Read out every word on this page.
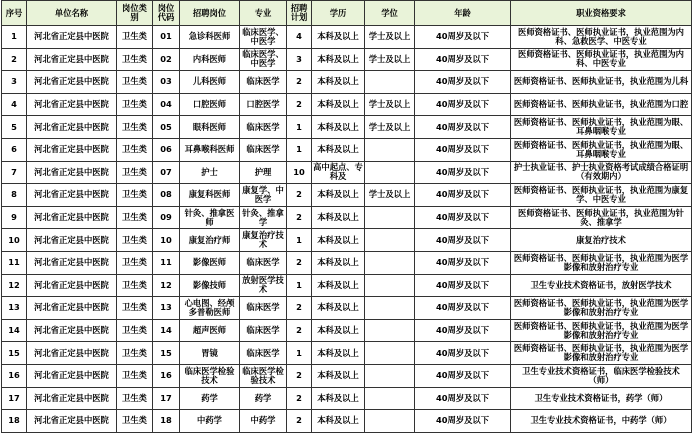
序号	单位名称	岗位类别	岗位代码	招聘岗位	专业	招聘计划	学历	学位	年龄	职业资格要求
1	河北省正定县中医院	卫生类	01	急诊科医师	临床医学、中医学	4	本科及以上	学士及以上	40周岁及以下	医师资格证书、医师执业证书，执业范围为内科、急救医学、中医专业
2	河北省正定县中医院	卫生类	02	内科医师	临床医学、中医学	3	本科及以上	学士及以上	40周岁及以下	医师资格证书、医师执业证书，执业范围为内科、中医专业
3	河北省正定县中医院	卫生类	03	儿科医师	临床医学	2	本科及以上		40周岁及以下	医师资格证书、医师执业证书，执业范围为儿科
4	河北省正定县中医院	卫生类	04	口腔医师	口腔医学	2	本科及以上	学士及以上	40周岁及以下	医师资格证书、医师执业证书，执业范围为口腔
5	河北省正定县中医院	卫生类	05	眼科医师	临床医学	1	本科及以上	学士及以上	40周岁及以下	医师资格证书、医师执业证书，执业范围为眼、耳鼻咽喉专业
6	河北省正定县中医院	卫生类	06	耳鼻喉科医师	临床医学	1	本科及以上		40周岁及以下	医师资格证书、医师执业证书，执业范围为眼、耳鼻咽喉专业
7	河北省正定县中医院	卫生类	07	护士	护理	10	高中起点、专科及		40周岁及以下	护士执业证书、护士执业资格考试成绩合格证明（有效期内）
8	河北省正定县中医院	卫生类	08	康复科医师	康复学、中医学	2	本科及以上	学士及以上	40周岁及以下	医师资格证书、医师执业证书，执业范围为康复学、中医专业
9	河北省正定县中医院	卫生类	09	针灸、推拿医师	针灸、推拿学	2	本科及以上		40周岁及以下	医师资格证书、医师执业证书，执业范围为针灸、推拿学
10	河北省正定县中医院	卫生类	10	康复治疗师	康复治疗技术	1	本科及以上		40周岁及以下	康复治疗技术
11	河北省正定县中医院	卫生类	11	影像医师	临床医学	2	本科及以上		40周岁及以下	医师资格证书、医师执业证书，执业范围为医学影像和放射治疗专业
12	河北省正定县中医院	卫生类	12	影像技师	放射医学技术	1	本科及以上		40周岁及以下	卫生专业技术资格证书，放射医学技术
13	河北省正定县中医院	卫生类	13	心电图、经颅多普勒医师	临床医学	2	本科及以上		40周岁及以下	医师资格证书、医师执业证书，执业范围为医学影像和放射治疗专业
14	河北省正定县中医院	卫生类	14	超声医师	临床医学	2	本科及以上		40周岁及以下	医师资格证书、医师执业证书，执业范围为医学影像和放射治疗专业
15	河北省正定县中医院	卫生类	15	胃镜	临床医学	1	本科及以上		40周岁及以下	医师资格证书、医师执业证书，执业范围为医学影像和放射治疗专业
16	河北省正定县中医院	卫生类	16	临床医学检验技术	临床医学检验技术	2	本科及以上		40周岁及以下	卫生专业技术资格证书，临床医学检验技术（师）
17	河北省正定县中医院	卫生类	17	药学	药学	2	本科及以上		40周岁及以下	卫生专业技术资格证书，药学（师）
18	河北省正定县中医院	卫生类	18	中药学	中药学	2	本科及以上		40周岁及以下	卫生专业技术资格证书，中药学（师）
